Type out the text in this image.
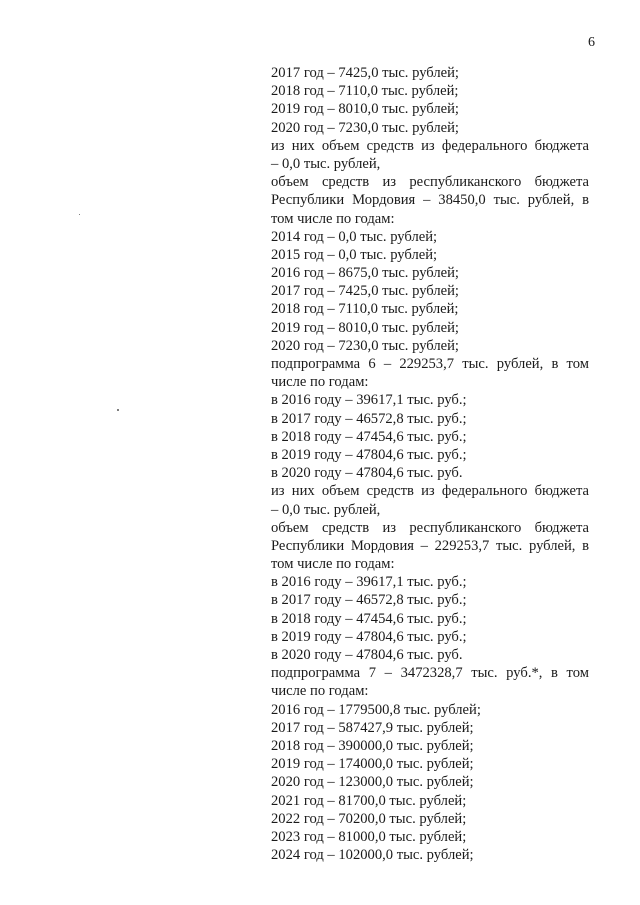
6
2017 год – 7425,0 тыс. рублей;
2018 год – 7110,0 тыс. рублей;
2019 год – 8010,0 тыс. рублей;
2020 год – 7230,0 тыс. рублей;
из них объем средств из федерального бюджета
– 0,0 тыс. рублей,
объем средств из республиканского бюджета
Республики Мордовия – 38450,0 тыс. рублей, в
том числе по годам:
2014 год – 0,0 тыс. рублей;
2015 год – 0,0 тыс. рублей;
2016 год – 8675,0 тыс. рублей;
2017 год – 7425,0 тыс. рублей;
2018 год – 7110,0 тыс. рублей;
2019 год – 8010,0 тыс. рублей;
2020 год – 7230,0 тыс. рублей;
подпрограмма 6 – 229253,7 тыс. рублей, в том
числе по годам:
в 2016 году – 39617,1 тыс. руб.;
в 2017 году – 46572,8 тыс. руб.;
в 2018 году – 47454,6 тыс. руб.;
в 2019 году – 47804,6 тыс. руб.;
в 2020 году – 47804,6 тыс. руб.
из них объем средств из федерального бюджета
– 0,0 тыс. рублей,
объем средств из республиканского бюджета
Республики Мордовия – 229253,7 тыс. рублей, в
том числе по годам:
в 2016 году – 39617,1 тыс. руб.;
в 2017 году – 46572,8 тыс. руб.;
в 2018 году – 47454,6 тыс. руб.;
в 2019 году – 47804,6 тыс. руб.;
в 2020 году – 47804,6 тыс. руб.
подпрограмма 7 – 3472328,7 тыс. руб.*, в том
числе по годам:
2016 год – 1779500,8 тыс. рублей;
2017 год – 587427,9 тыс. рублей;
2018 год – 390000,0 тыс. рублей;
2019 год – 174000,0 тыс. рублей;
2020 год – 123000,0 тыс. рублей;
2021 год – 81700,0 тыс. рублей;
2022 год – 70200,0 тыс. рублей;
2023 год – 81000,0 тыс. рублей;
2024 год – 102000,0 тыс. рублей;
